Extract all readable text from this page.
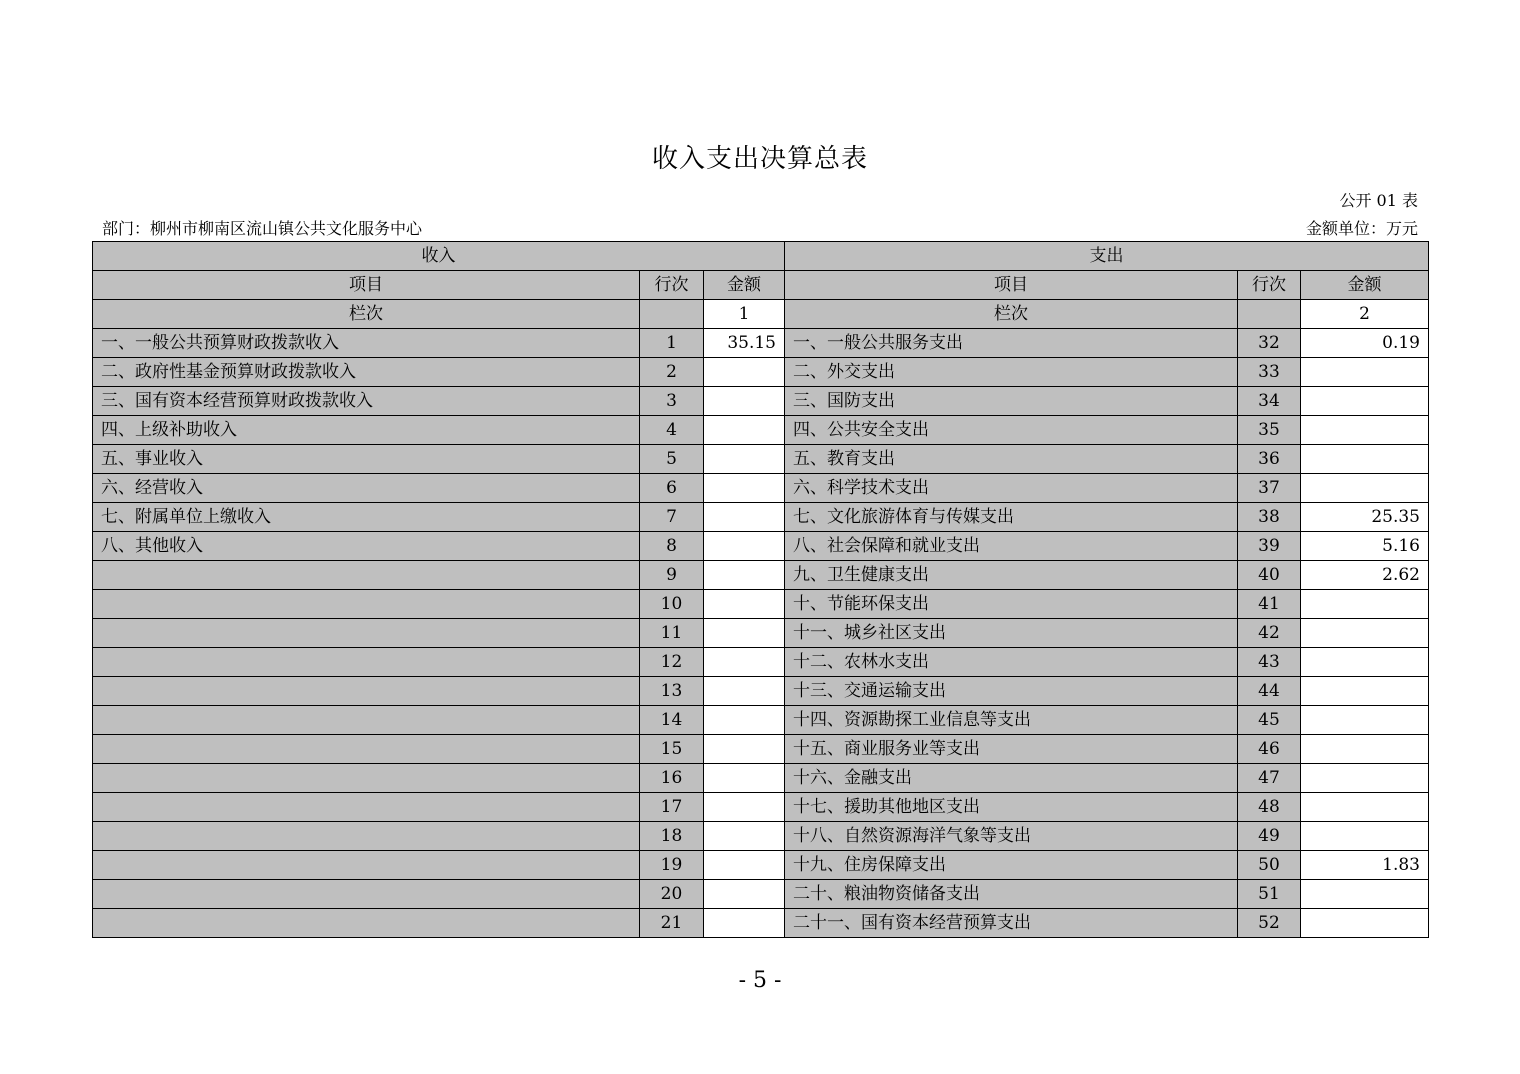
收入支出决算总表
公开 01 表
部门：柳州市柳南区流山镇公共文化服务中心	金额单位：万元
收入			支出		
项目	行次	金额	项目	行次	金额
栏次		1	栏次		2
一、一般公共预算财政拨款收入	1	35.15	一、一般公共服务支出	32	0.19
二、政府性基金预算财政拨款收入	2		二、外交支出	33	
三、国有资本经营预算财政拨款收入	3		三、国防支出	34	
四、上级补助收入	4		四、公共安全支出	35	
五、事业收入	5		五、教育支出	36	
六、经营收入	6		六、科学技术支出	37	
七、附属单位上缴收入	7		七、文化旅游体育与传媒支出	38	25.35
八、其他收入	8		八、社会保障和就业支出	39	5.16
	9		九、卫生健康支出	40	2.62
	10		十、节能环保支出	41	
	11		十一、城乡社区支出	42	
	12		十二、农林水支出	43	
	13		十三、交通运输支出	44	
	14		十四、资源勘探工业信息等支出	45	
	15		十五、商业服务业等支出	46	
	16		十六、金融支出	47	
	17		十七、援助其他地区支出	48	
	18		十八、自然资源海洋气象等支出	49	
	19		十九、住房保障支出	50	1.83
	20		二十、粮油物资储备支出	51	
	21		二十一、国有资本经营预算支出	52	
- 5 -
